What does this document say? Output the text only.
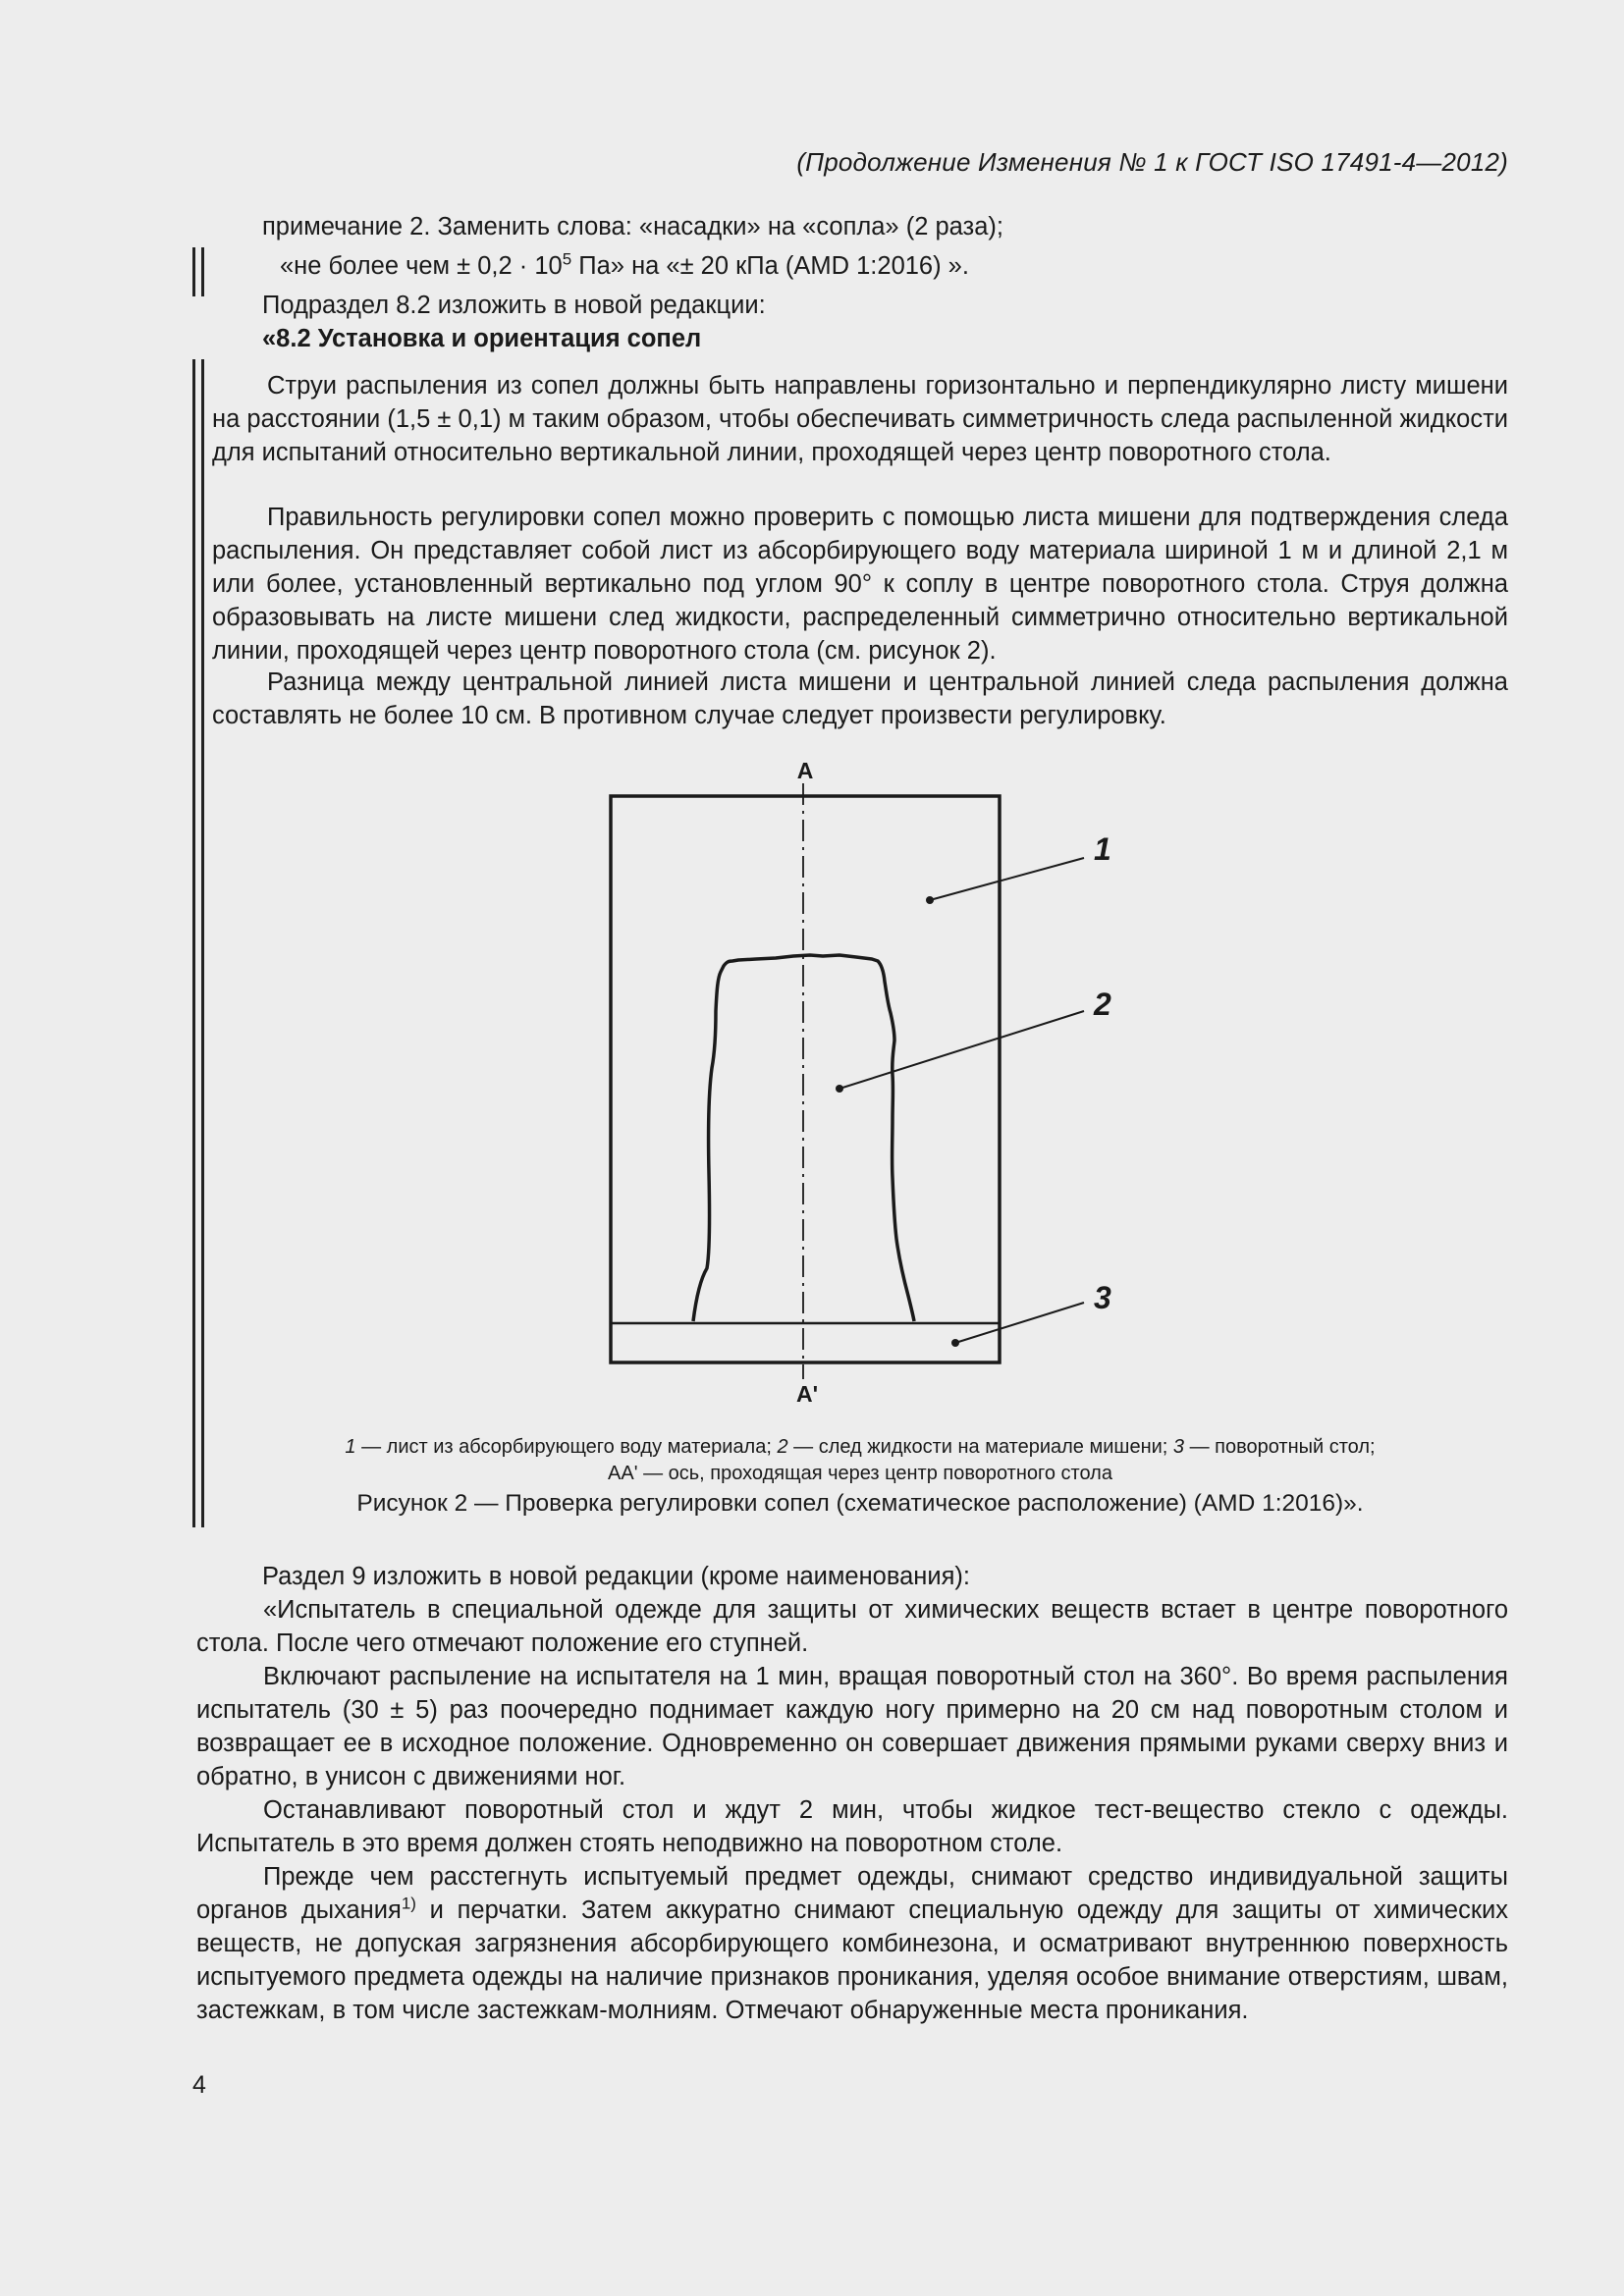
(Продолжение Изменения № 1 к ГОСТ ISO 17491-4—2012)
примечание 2. Заменить слова: «насадки» на «сопла» (2 раза);
«не более чем ± $0,2 \cdot 10^5$ Па» на «± 20 кПа (AMD 1:2016) ».
Подраздел 8.2 изложить в новой редакции:
«8.2 Установка и ориентация сопел
Струи распыления из сопел должны быть направлены горизонтально и перпендикулярно листу мишени на расстоянии (1,5 ± 0,1) м таким образом, чтобы обеспечивать симметричность следа распыленной жидкости для испытаний относительно вертикальной линии, проходящей через центр поворотного стола.
Правильность регулировки сопел можно проверить с помощью листа мишени для подтверждения следа распыления. Он представляет собой лист из абсорбирующего воду материала шириной 1 м и длиной 2,1 м или более, установленный вертикально под углом 90° к соплу в центре поворотного стола. Струя должна образовывать на листе мишени след жидкости, распределенный симметрично относительно вертикальной линии, проходящей через центр поворотного стола (см. рисунок 2).
Разница между центральной линией листа мишени и центральной линией следа распыления должна составлять не более 10 см. В противном случае следует произвести регулировку.
A
A'
1
2
3
1 — лист из абсорбирующего воду материала; 2 — след жидкости на материале мишени; 3 — поворотный стол;
AA' — ось, проходящая через центр поворотного стола
Рисунок 2 — Проверка регулировки сопел (схематическое расположение) (AMD 1:2016)».
Раздел 9 изложить в новой редакции (кроме наименования):
«Испытатель в специальной одежде для защиты от химических веществ встает в центре поворотного стола. После чего отмечают положение его ступней.
Включают распыление на испытателя на 1 мин, вращая поворотный стол на 360°. Во время распыления испытатель (30 ± 5) раз поочередно поднимает каждую ногу примерно на 20 см над поворотным столом и возвращает ее в исходное положение. Одновременно он совершает движения прямыми руками сверху вниз и обратно, в унисон с движениями ног.
Останавливают поворотный стол и ждут 2 мин, чтобы жидкое тест-вещество стекло с одежды. Испытатель в это время должен стоять неподвижно на поворотном столе.
Прежде чем расстегнуть испытуемый предмет одежды, снимают средство индивидуальной защиты органов дыхания$^{1)}$ и перчатки. Затем аккуратно снимают специальную одежду для защиты от химических веществ, не допуская загрязнения абсорбирующего комбинезона, и осматривают внутреннюю поверхность испытуемого предмета одежды на наличие признаков проникания, уделяя особое внимание отверстиям, швам, застежкам, в том числе застежкам-молниям. Отмечают обнаруженные места проникания.
4
